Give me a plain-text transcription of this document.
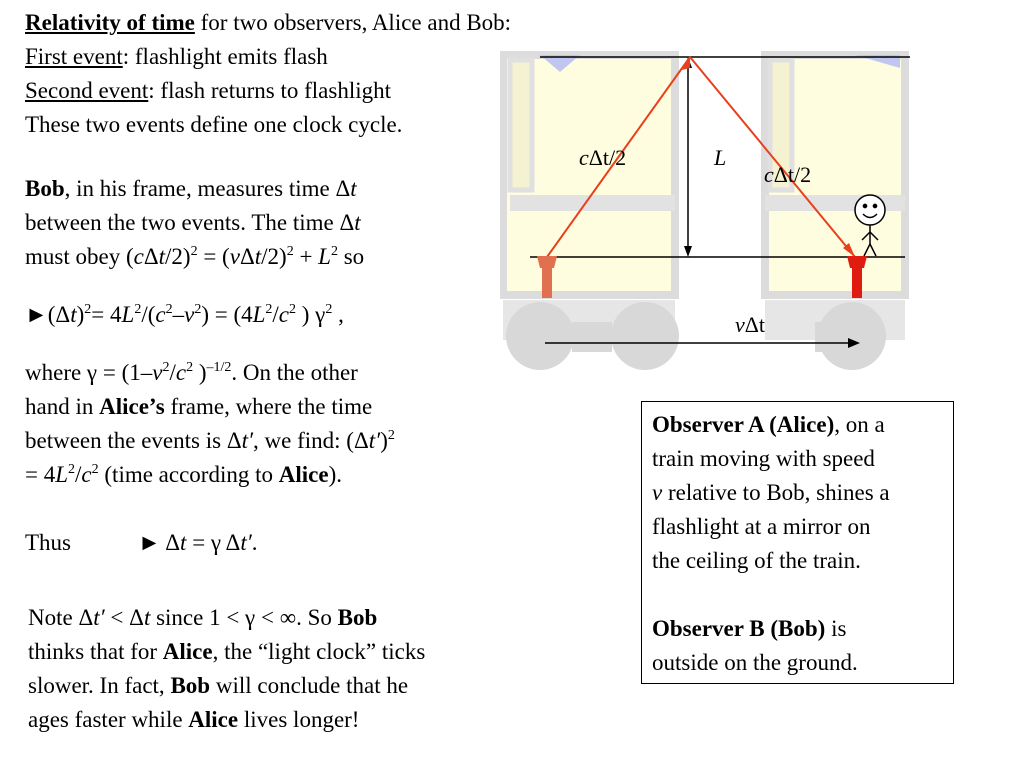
Relativity of time for two observers, Alice and Bob:
First event: flashlight emits flash
Second event: flash returns to flashlight
These two events define one clock cycle.
Bob, in his frame, measures time Δt
between the two events. The time Δt
must obey $(c\Delta t/2)^2 = (v\Delta t/2)^2 + L^2$ so
$►(\Delta t)^2= 4L^2/(c^2-v^2) = (4L^2/c^2$ ) $\gamma^2$ ,
where $\gamma = (1-v^2/c^2$ )$^{-1/2}$. On the other
hand in Alice’s frame, where the time
between the events is Δt′, we find: $(\Delta t')^2$
= $4L^2/c^2$ (time according to Alice).
Thus	► Δt = γ Δt′.
Note Δt′ < Δt since 1 < γ < ∞. So Bob
thinks that for Alice, the “light clock” ticks
slower. In fact, Bob will conclude that he
ages faster while Alice lives longer!
cΔt/2	L
cΔt/2
vΔt

Observer A (Alice), on a

train moving with speed

v relative to Bob, shines a

flashlight at a mirror on

the ceiling of the train.

Observer B (Bob) is

outside on the ground.
